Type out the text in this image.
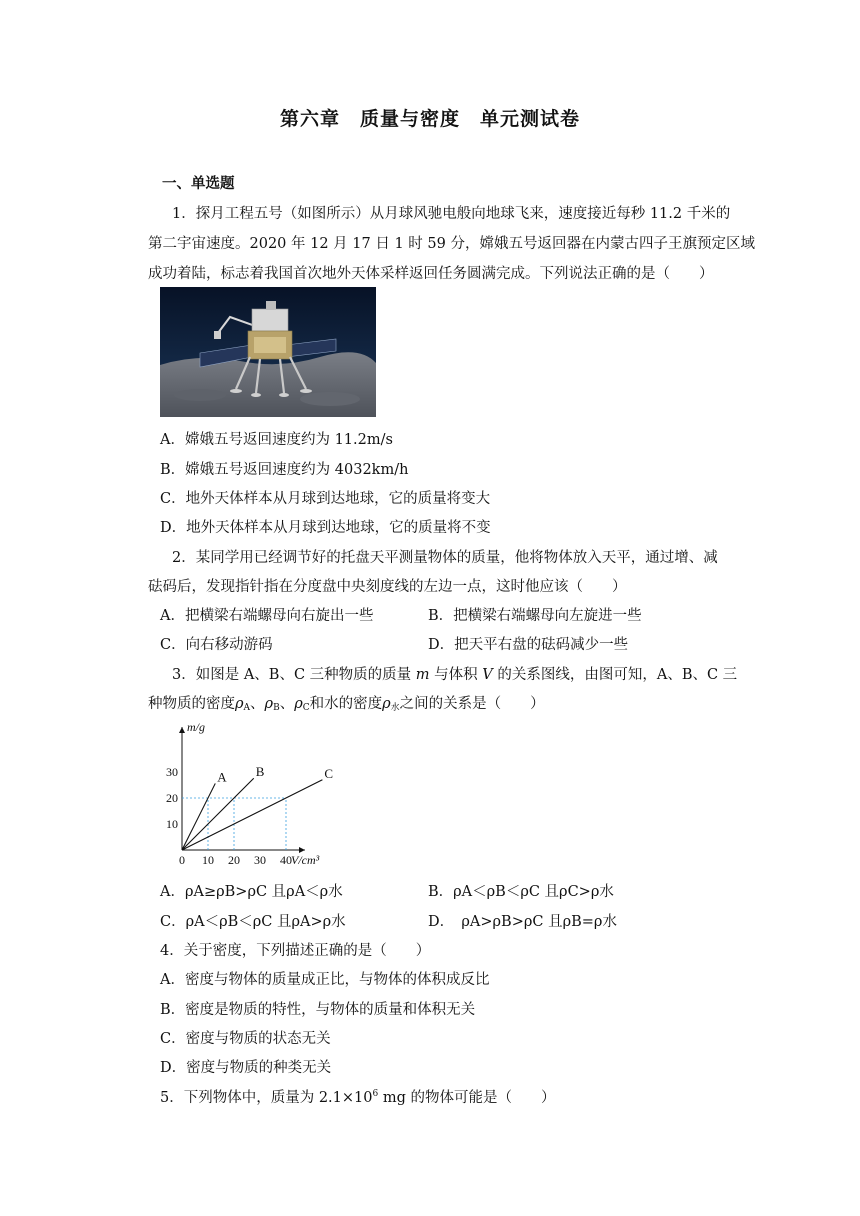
第六章　质量与密度　单元测试卷
一、单选题
1．探月工程五号（如图所示）从月球风驰电般向地球飞来，速度接近每秒 11.2 千米的
第二宇宙速度。2020 年 12 月 17 日 1 时 59 分，嫦娥五号返回器在内蒙古四子王旗预定区域
成功着陆，标志着我国首次地外天体采样返回任务圆满完成。下列说法正确的是（　　）
A．嫦娥五号返回速度约为 11.2m/s
B．嫦娥五号返回速度约为 4032km/h
C．地外天体样本从月球到达地球，它的质量将变大
D．地外天体样本从月球到达地球，它的质量将不变
2．某同学用已经调节好的托盘天平测量物体的质量，他将物体放入天平，通过增、减
砝码后，发现指针指在分度盘中央刻度线的左边一点，这时他应该（　　）
A．把横梁右端螺母向右旋出一些	B．把横梁右端螺母向左旋进一些
C．向右移动游码	D．把天平右盘的砝码减少一些
3．如图是 A、B、C 三种物质的质量 m 与体积 V 的关系图线，由图可知，A、B、C 三
种物质的密度$\rho_A$、$\rho_B$、$\rho_C$和水的密度$\rho_水$之间的关系是（　　）
A B	C
0 10 20 30 40
10
20
30
m/g
V/cm³
A．ρA≥ρB>ρC 且ρA＜ρ水	B．ρA＜ρB＜ρC 且ρC>ρ水
C．ρA＜ρB＜ρC 且ρA>ρ水	D．　 ρA>ρB>ρC 且ρB=ρ水
4．关于密度，下列描述正确的是（　　）
A．密度与物体的质量成正比，与物体的体积成反比
B．密度是物质的特性，与物体的质量和体积无关
C．密度与物质的状态无关
D．密度与物质的种类无关
5．下列物体中，质量为 $2.1\times 10^6$ mg 的物体可能是（　　）
